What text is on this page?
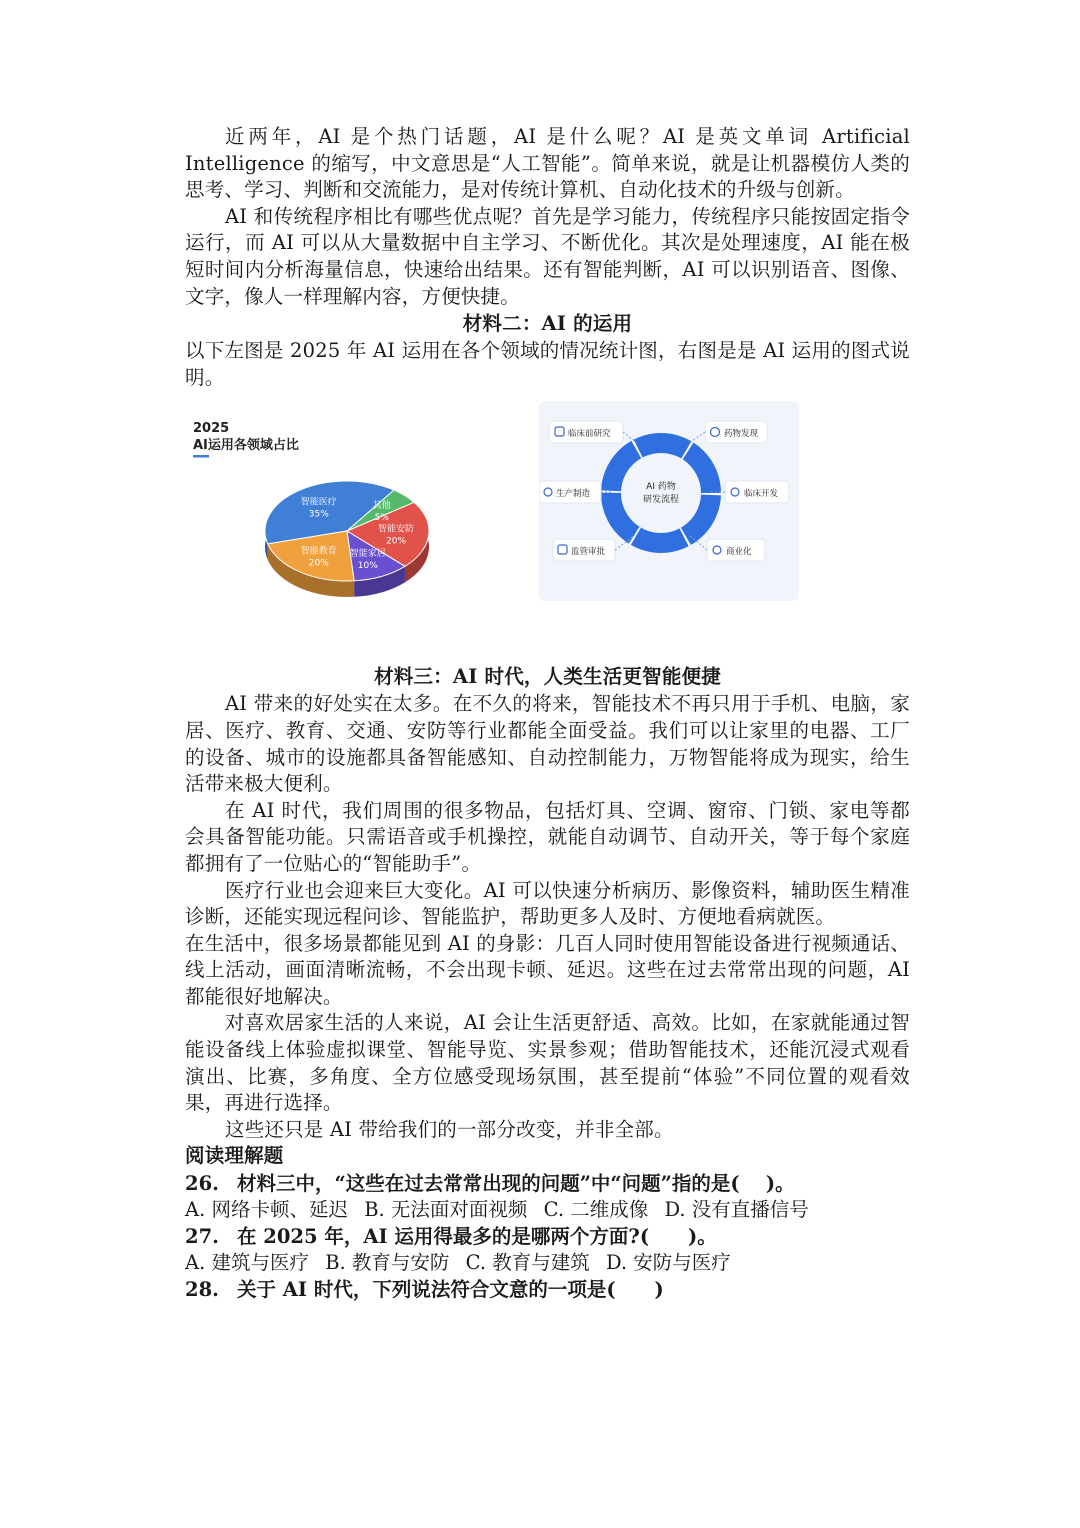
近两年，AI 是个热门话题，AI 是什么呢？AI 是英文单词 Artificial Intelligence 的缩写，中文意思是“人工智能”。简单来说，就是让机器模仿人类的思考、学习、判断和交流能力，是对传统计算机、自动化技术的升级与创新。

AI 和传统程序相比有哪些优点呢？首先是学习能力，传统程序只能按固定指令运行，而 AI 可以从大量数据中自主学习、不断优化。其次是处理速度，AI 能在极短时间内分析海量信息，快速给出结果。还有智能判断，AI 可以识别语音、图像、文字，像人一样理解内容，方便快捷。

材料二：AI 的运用

以下左图是 2025 年 AI 运用在各个领域的情况统计图，右图是是 AI 运用的图式说明。

2025
AI运用各领域占比
智能医疗
35%
其他
5%
智能安防
20%
智能家居
10%
智能教育
20%
AI 药物
研发流程
临床前研究	药物发现
生产制造	临床开发
监管审批	商业化

材料三：AI 时代，人类生活更智能便捷

AI 带来的好处实在太多。在不久的将来，智能技术不再只用于手机、电脑，家居、医疗、教育、交通、安防等行业都能全面受益。我们可以让家里的电器、工厂的设备、城市的设施都具备智能感知、自动控制能力，万物智能将成为现实，给生活带来极大便利。

在 AI 时代，我们周围的很多物品，包括灯具、空调、窗帘、门锁、家电等都会具备智能功能。只需语音或手机操控，就能自动调节、自动开关，等于每个家庭都拥有了一位贴心的“智能助手”。

医疗行业也会迎来巨大变化。AI 可以快速分析病历、影像资料，辅助医生精准诊断，还能实现远程问诊、智能监护，帮助更多人及时、方便地看病就医。

在生活中，很多场景都能见到 AI 的身影：几百人同时使用智能设备进行视频通话、线上活动，画面清晰流畅，不会出现卡顿、延迟。这些在过去常常出现的问题，AI 都能很好地解决。

对喜欢居家生活的人来说，AI 会让生活更舒适、高效。比如，在家就能通过智能设备线上体验虚拟课堂、智能导览、实景参观；借助智能技术，还能沉浸式观看演出、比赛，多角度、全方位感受现场氛围，甚至提前“体验”不同位置的观看效果，再进行选择。

这些还只是 AI 带给我们的一部分改变，并非全部。

阅读理解题

26. 材料三中，“这些在过去常常出现的问题”中“问题”指的是(　 )。
A. 网络卡顿、延迟 B. 无法面对面视频 C. 二维成像 D. 没有直播信号
27. 在 2025 年，AI 运用得最多的是哪两个方面?(　　)。
A. 建筑与医疗 B. 教育与安防 C. 教育与建筑 D. 安防与医疗
28. 关于 AI 时代，下列说法符合文意的一项是(　　)
